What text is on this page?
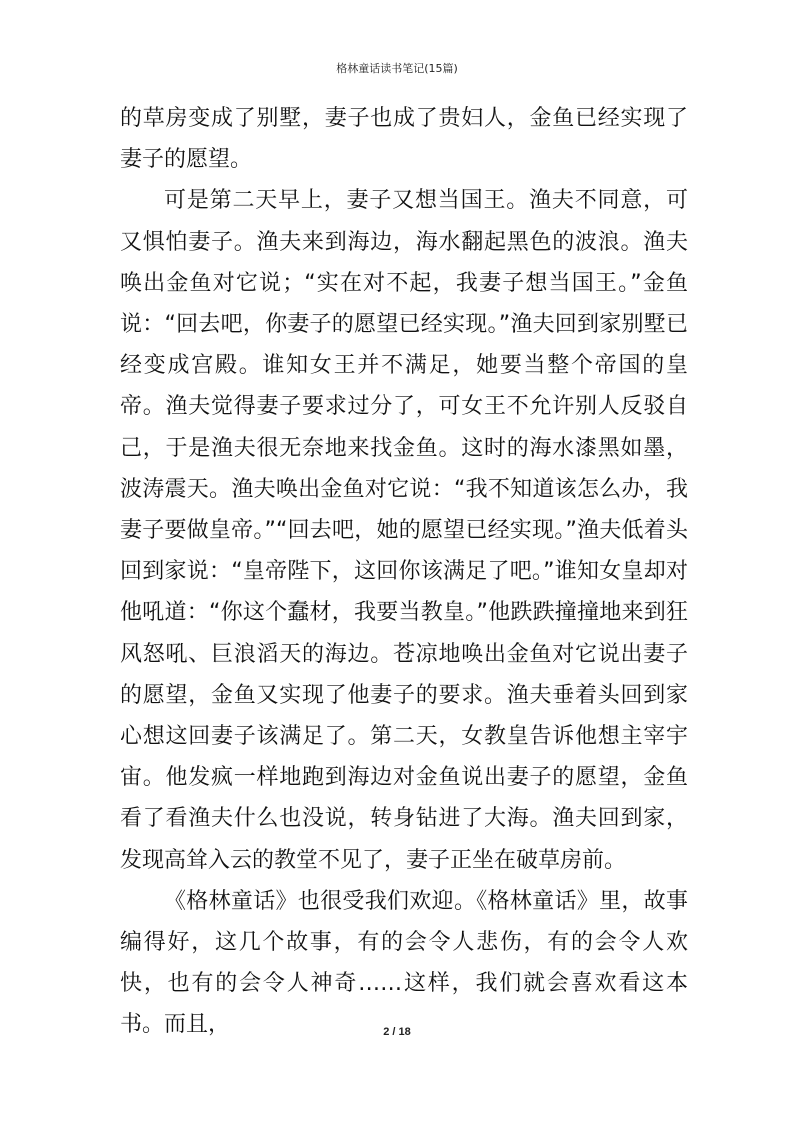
格林童话读书笔记(15篇)

的草房变成了别墅，妻子也成了贵妇人，金鱼已经实现了妻子的愿望。

可是第二天早上，妻子又想当国王。渔夫不同意，可又惧怕妻子。渔夫来到海边，海水翻起黑色的波浪。渔夫唤出金鱼对它说；“实在对不起，我妻子想当国王。”金鱼说：“回去吧，你妻子的愿望已经实现。”渔夫回到家别墅已经变成宫殿。谁知女王并不满足，她要当整个帝国的皇帝。渔夫觉得妻子要求过分了，可女王不允许别人反驳自己，于是渔夫很无奈地来找金鱼。这时的海水漆黑如墨，波涛震天。渔夫唤出金鱼对它说：“我不知道该怎么办，我妻子要做皇帝。”“回去吧，她的愿望已经实现。”渔夫低着头回到家说：“皇帝陛下，这回你该满足了吧。”谁知女皇却对他吼道：“你这个蠢材，我要当教皇。”他跌跌撞撞地来到狂风怒吼、巨浪滔天的海边。苍凉地唤出金鱼对它说出妻子的愿望，金鱼又实现了他妻子的要求。渔夫垂着头回到家心想这回妻子该满足了。第二天，女教皇告诉他想主宰宇宙。他发疯一样地跑到海边对金鱼说出妻子的愿望，金鱼看了看渔夫什么也没说，转身钻进了大海。渔夫回到家，发现高耸入云的教堂不见了，妻子正坐在破草房前。

《格林童话》也很受我们欢迎。《格林童话》里，故事编得好，这几个故事，有的会令人悲伤，有的会令人欢快，也有的会令人神奇……这样，我们就会喜欢看这本书。而且，	2 / 18
